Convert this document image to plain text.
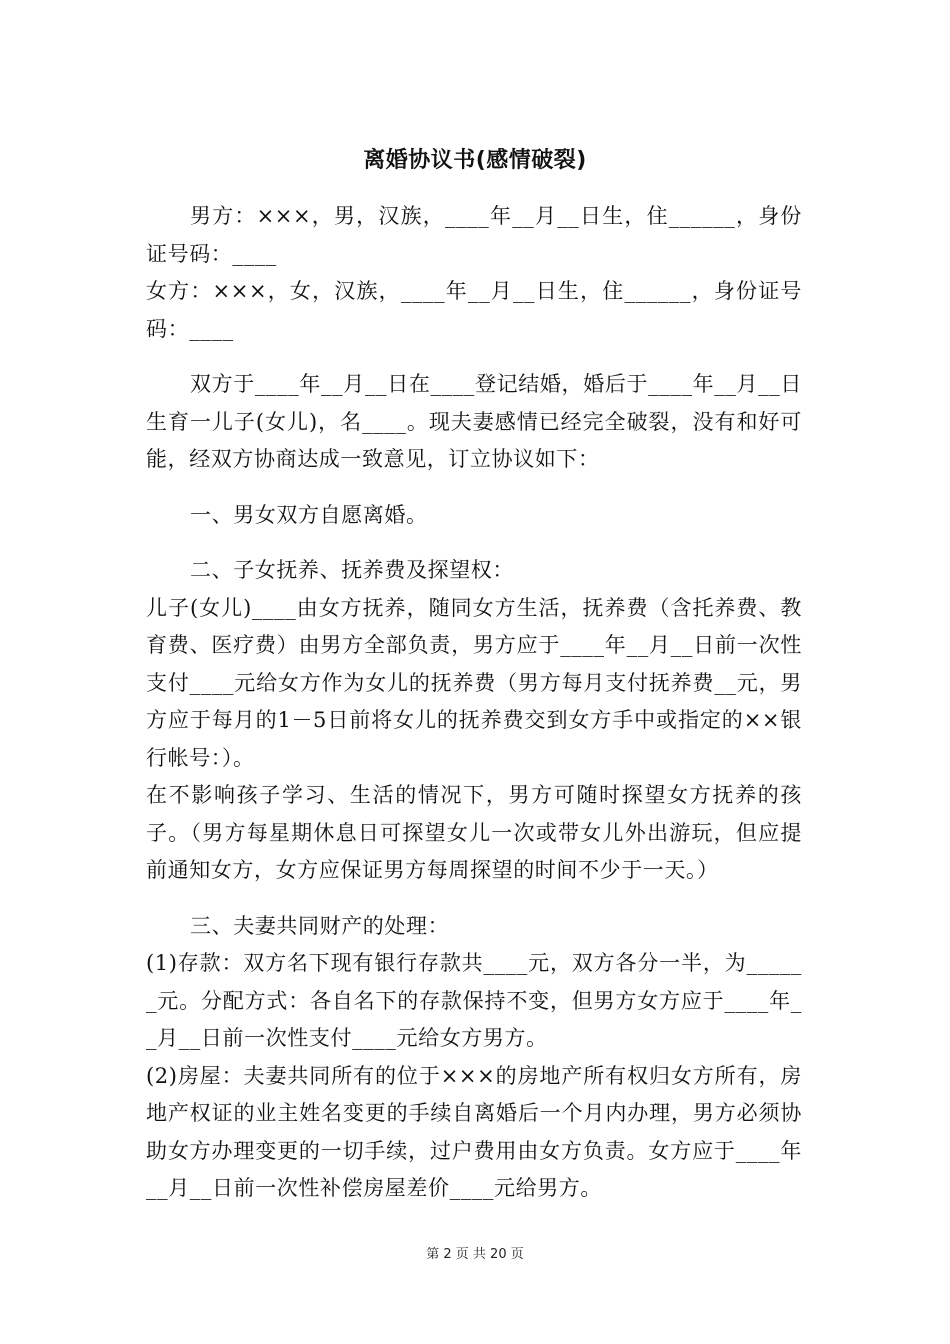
离婚协议书(感情破裂)

男方：×××，男，汉族，____年__月__日生，住______，身份证号码：____

女方：×××，女，汉族，____年__月__日生，住______，身份证号码：____

双方于____年__月__日在____登记结婚，婚后于____年__月__日生育一儿子(女儿)，名____。现夫妻感情已经完全破裂，没有和好可能，经双方协商达成一致意见，订立协议如下：

一、男女双方自愿离婚。

二、子女抚养、抚养费及探望权：

儿子(女儿)____由女方抚养，随同女方生活，抚养费（含托养费、教育费、医疗费）由男方全部负责，男方应于____年__月__日前一次性支付____元给女方作为女儿的抚养费（男方每月支付抚养费__元，男方应于每月的1－5日前将女儿的抚养费交到女方手中或指定的××银行帐号：）。

在不影响孩子学习、生活的情况下，男方可随时探望女方抚养的孩子。（男方每星期休息日可探望女儿一次或带女儿外出游玩，但应提前通知女方，女方应保证男方每周探望的时间不少于一天。）

三、夫妻共同财产的处理：

(1)存款：双方名下现有银行存款共____元，双方各分一半，为______元。分配方式：各自名下的存款保持不变，但男方女方应于____年__月__日前一次性支付____元给女方男方。

(2)房屋：夫妻共同所有的位于×××的房地产所有权归女方所有，房地产权证的业主姓名变更的手续自离婚后一个月内办理，男方必须协助女方办理变更的一切手续，过户费用由女方负责。女方应于____年__月__日前一次性补偿房屋差价____元给男方。

第 2 页 共 20 页
